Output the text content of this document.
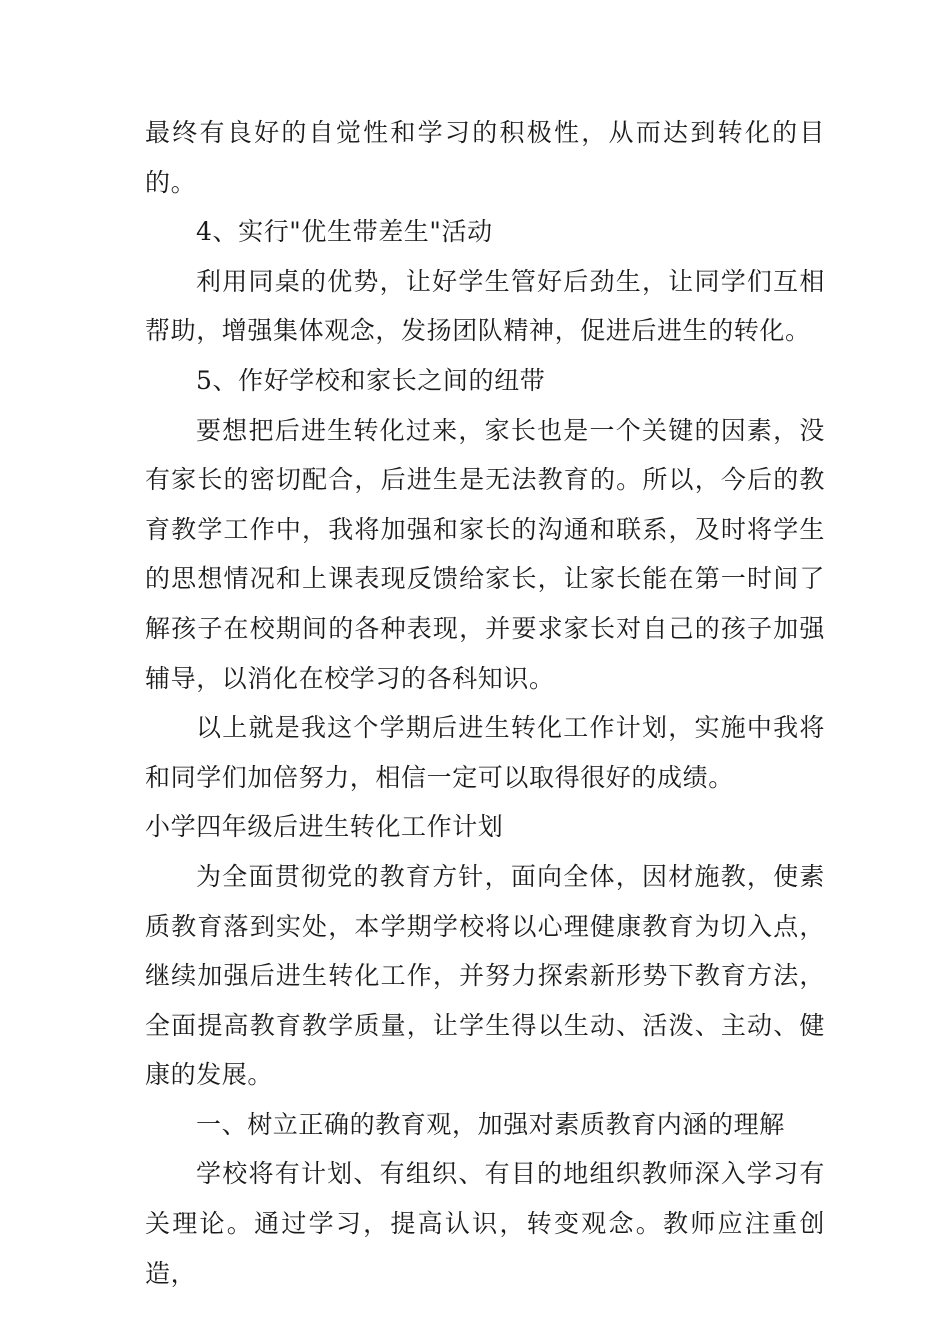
最终有良好的自觉性和学习的积极性，从而达到转化的目的。

4、实行"优生带差生"活动

利用同桌的优势，让好学生管好后劲生，让同学们互相帮助，增强集体观念，发扬团队精神，促进后进生的转化。

5、作好学校和家长之间的纽带

要想把后进生转化过来，家长也是一个关键的因素，没有家长的密切配合，后进生是无法教育的。所以，今后的教育教学工作中，我将加强和家长的沟通和联系，及时将学生的思想情况和上课表现反馈给家长，让家长能在第一时间了解孩子在校期间的各种表现，并要求家长对自己的孩子加强辅导，以消化在校学习的各科知识。

以上就是我这个学期后进生转化工作计划，实施中我将和同学们加倍努力，相信一定可以取得很好的成绩。

小学四年级后进生转化工作计划

为全面贯彻党的教育方针，面向全体，因材施教，使素质教育落到实处，本学期学校将以心理健康教育为切入点，继续加强后进生转化工作，并努力探索新形势下教育方法，全面提高教育教学质量，让学生得以生动、活泼、主动、健康的发展。

一、树立正确的教育观，加强对素质教育内涵的理解

学校将有计划、有组织、有目的地组织教师深入学习有关理论。通过学习，提高认识，转变观念。教师应注重创造，
